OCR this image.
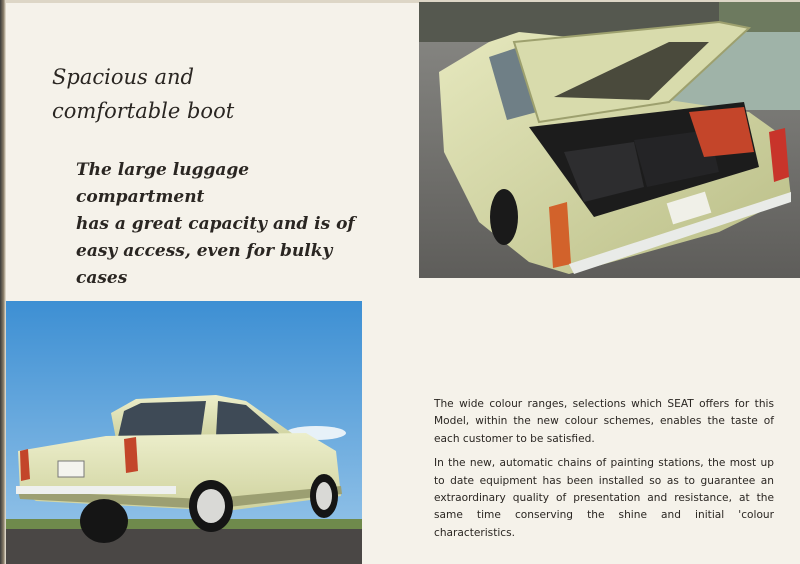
Spacious and
comfortable boot
The large luggage compartment
has a great capacity and is of
easy access, even for bulky cases

The wide colour ranges, selections which SEAT offers for this Model, within the new colour schemes, enables the taste of each customer to be satisfied.

In the new, automatic chains of painting stations, the most up to date equipment has been installed so as to guarantee an extraordinary quality of presentation and resistance, at the same time conserving the shine and initial 'colour characteristics.
